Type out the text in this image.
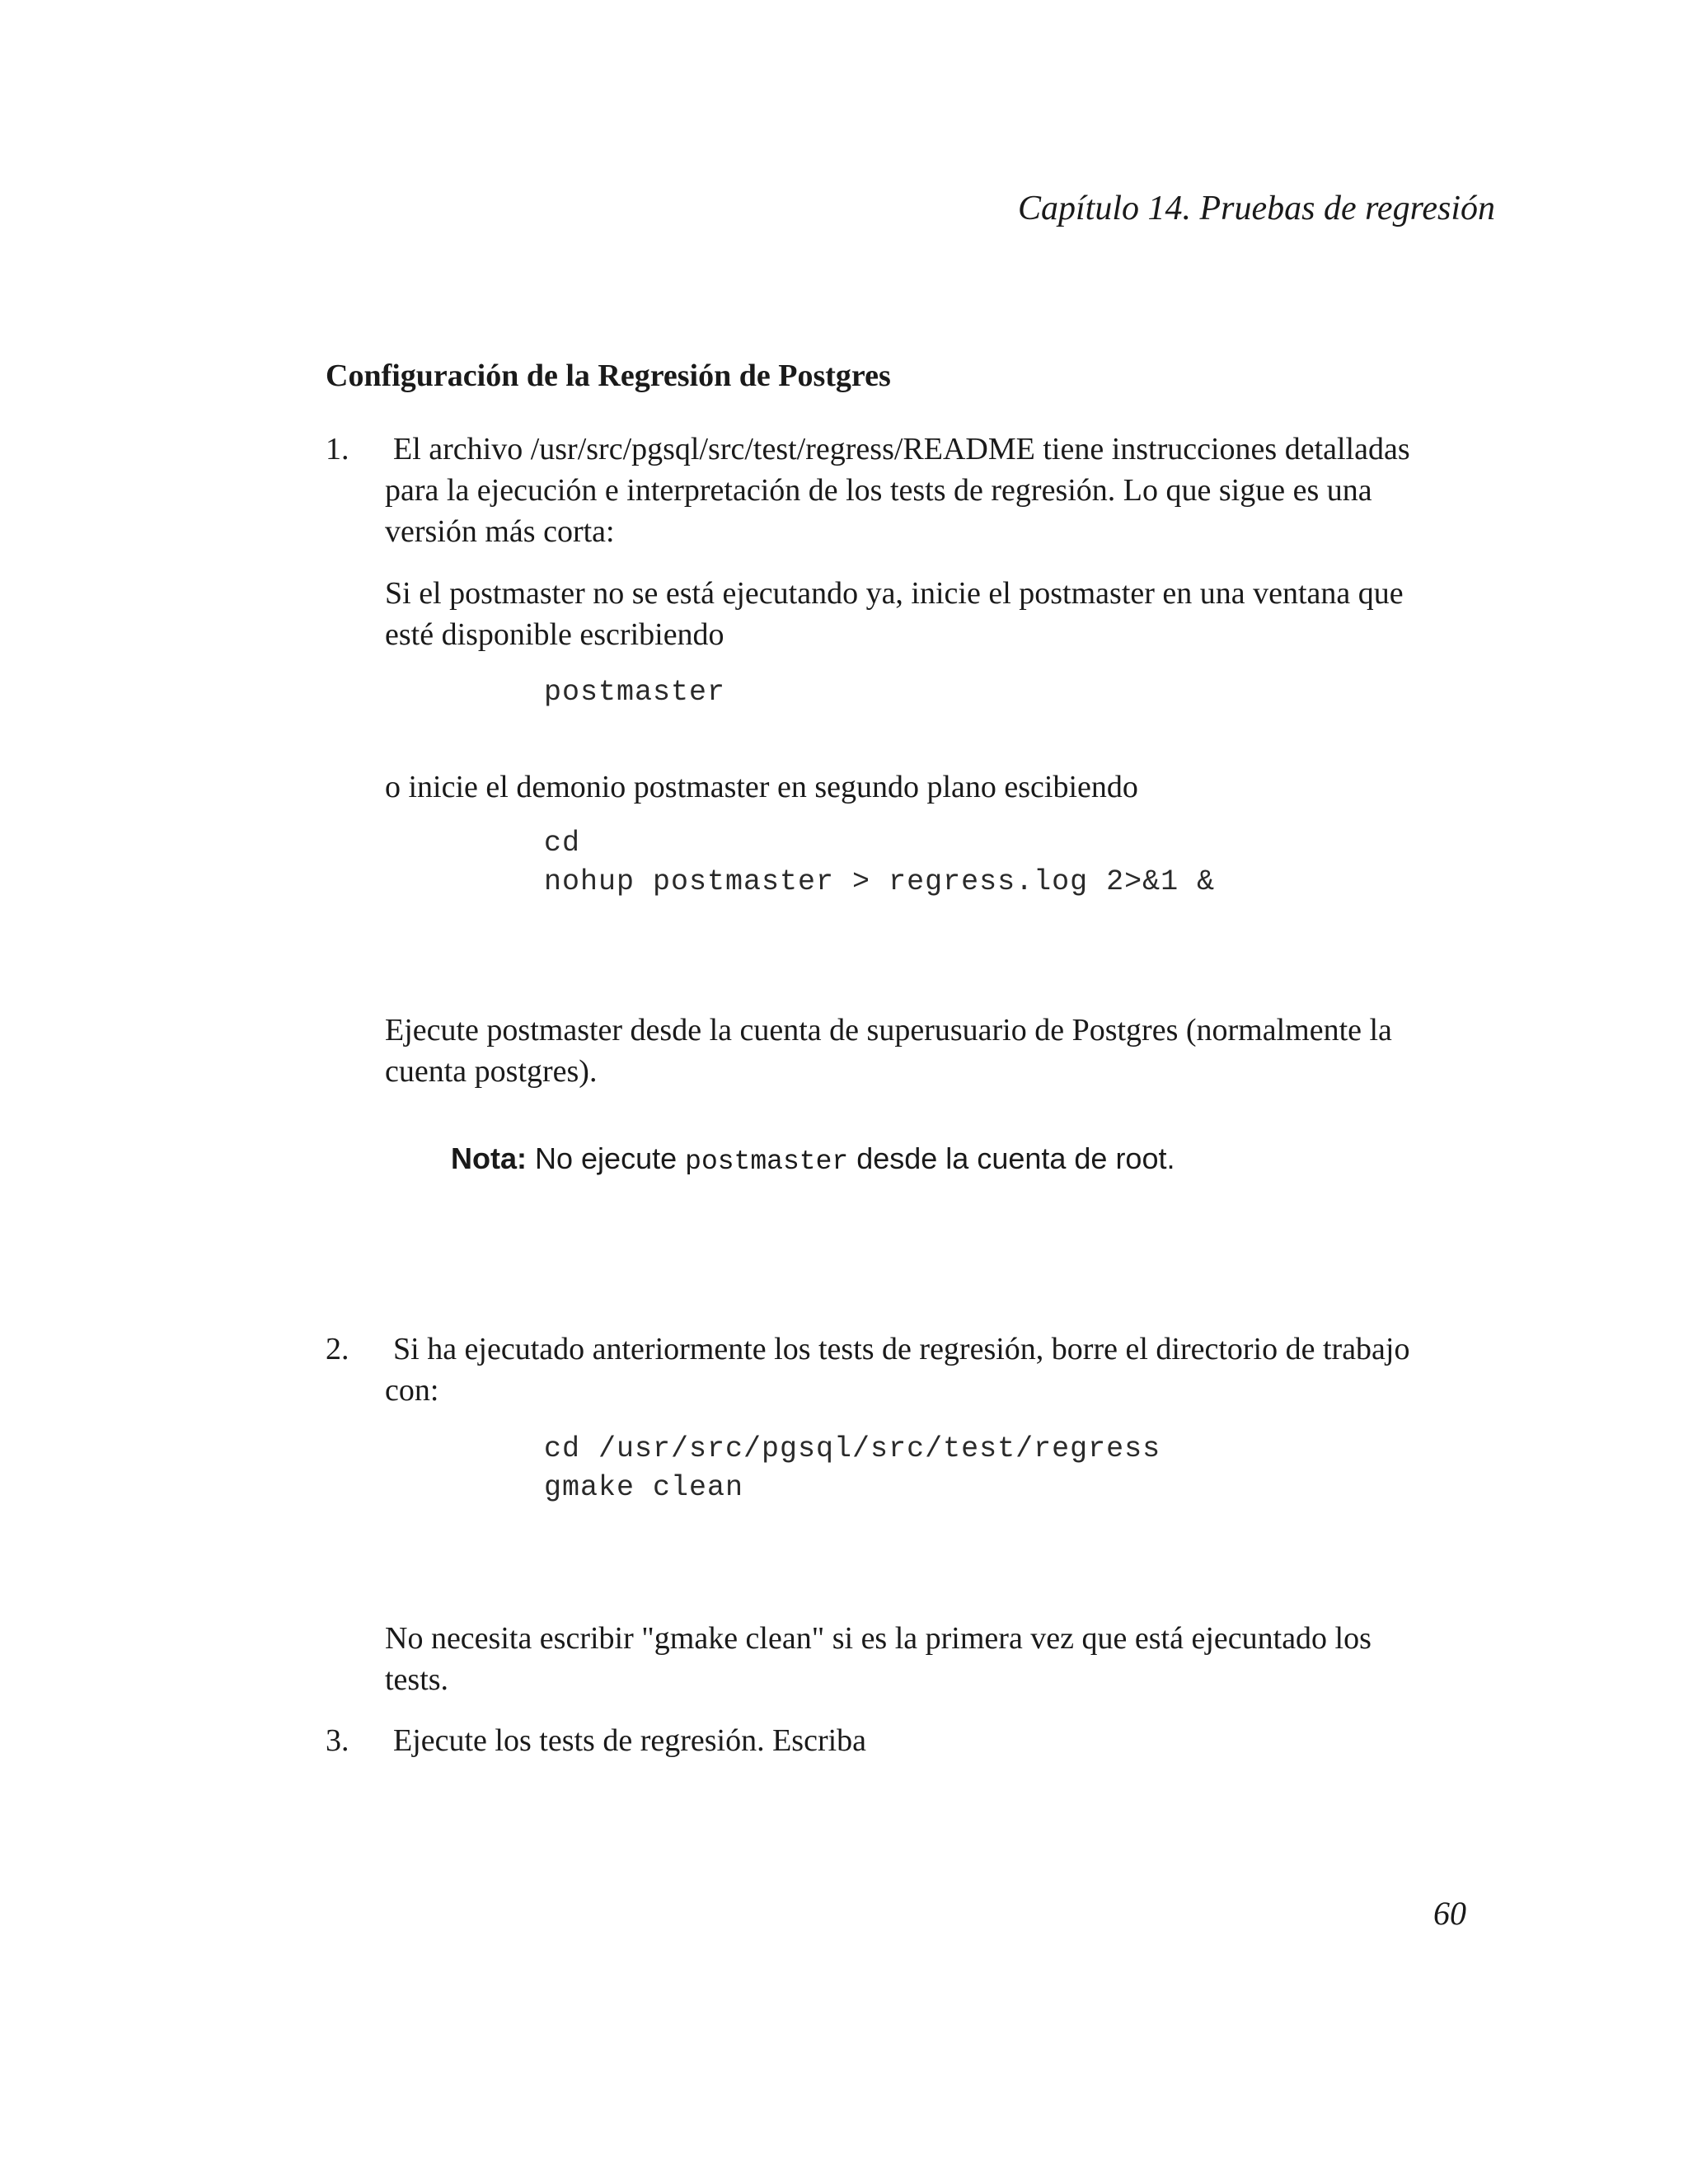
Capítulo 14. Pruebas de regresión
Configuración de la Regresión de Postgres
1. El archivo /usr/src/pgsql/src/test/regress/README tiene instrucciones detalladas
para la ejecución e interpretación de los tests de regresión. Lo que sigue es una
versión más corta:
Si el postmaster no se está ejecutando ya, inicie el postmaster en una ventana que
esté disponible escribiendo
postmaster
o inicie el demonio postmaster en segundo plano escibiendo
cd
nohup postmaster > regress.log 2>&1 &
Ejecute postmaster desde la cuenta de superusuario de Postgres (normalmente la
cuenta postgres).
Nota: No ejecute postmaster desde la cuenta de root.
2. Si ha ejecutado anteriormente los tests de regresión, borre el directorio de trabajo
con:
cd /usr/src/pgsql/src/test/regress
gmake clean
No necesita escribir "gmake clean" si es la primera vez que está ejecuntado los
tests.
3. Ejecute los tests de regresión. Escriba
60
